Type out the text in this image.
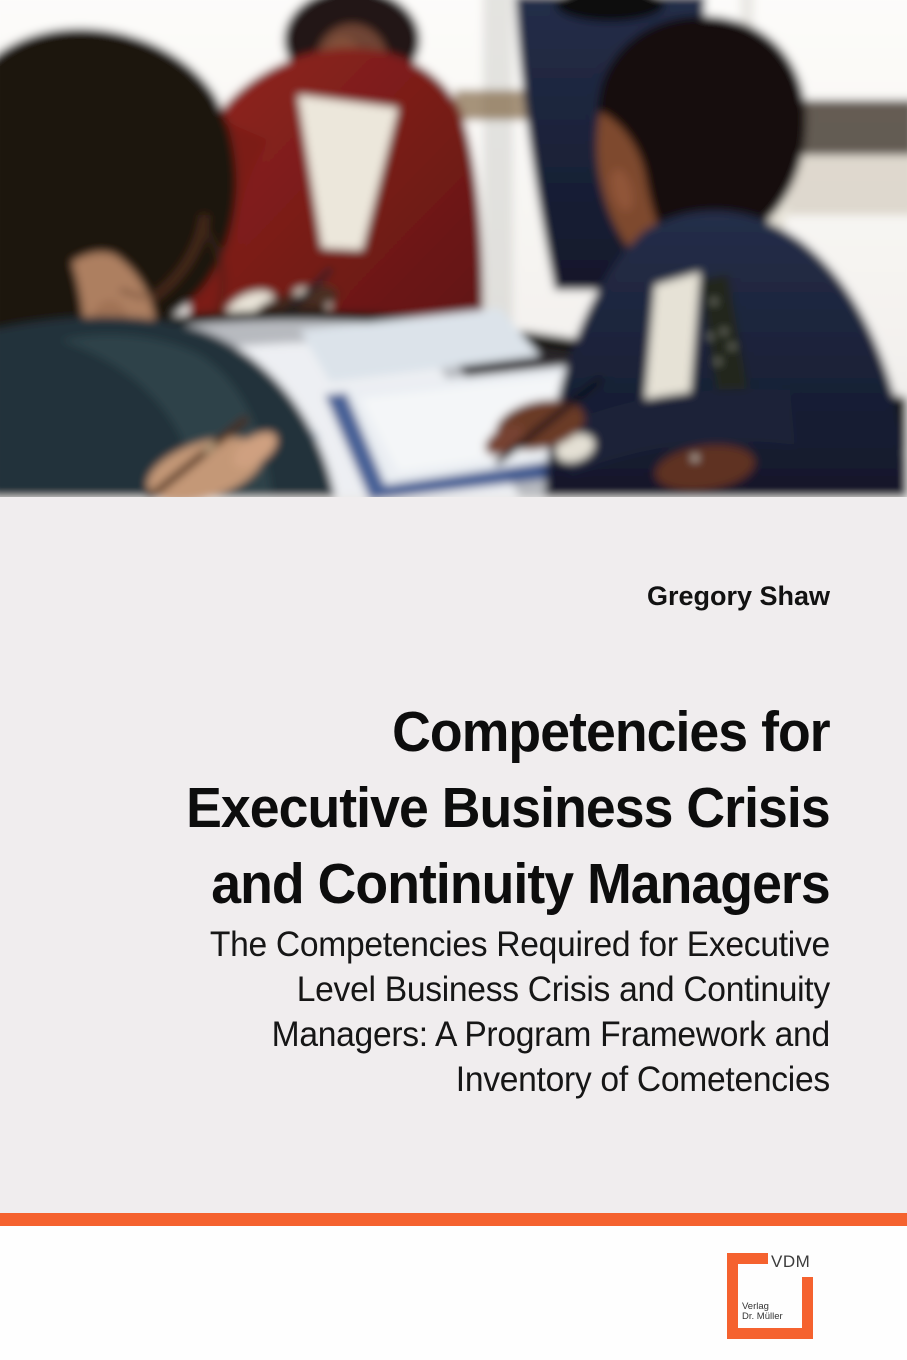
Gregory Shaw
Competencies for
Executive Business Crisis
and Continuity Managers
The Competencies Required for Executive
Level Business Crisis and Continuity
Managers: A Program Framework and
Inventory of Cometencies
VDM
Verlag
Dr. Müller
